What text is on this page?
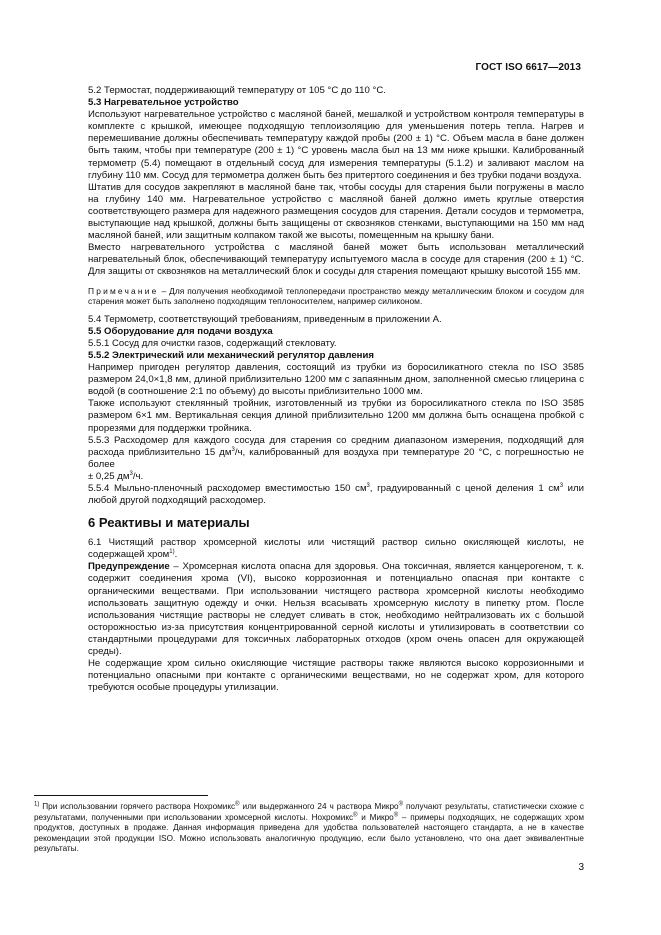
ГОСТ ISO 6617—2013

5.2 Термостат, поддерживающий температуру от 105 °С до 110 °С.

5.3 Нагревательное устройство

Используют нагревательное устройство с масляной баней, мешалкой и устройством контроля температуры в комплекте с крышкой, имеющее подходящую теплоизоляцию для уменьшения потерь тепла. Нагрев и перемешивание должны обеспечивать температуру каждой пробы (200 ± 1) °С. Объем масла в бане должен быть таким, чтобы при температуре (200 ± 1) °С уровень масла был на 13 мм ниже крышки. Калиброванный термометр (5.4) помещают в отдельный сосуд для измерения температуры (5.1.2) и заливают маслом на глубину 110 мм. Сосуд для термометра должен быть без притертого соединения и без трубки подачи воздуха.

Штатив для сосудов закрепляют в масляной бане так, чтобы сосуды для старения были погружены в масло на глубину 140 мм. Нагревательное устройство с масляной баней должно иметь круглые отверстия соответствующего размера для надежного размещения сосудов для старения. Детали сосудов и термометра, выступающие над крышкой, должны быть защищены от сквозняков стенками, выступающими на 150 мм над масляной баней, или защитным колпаком такой же высоты, помещенным на крышку бани.

Вместо нагревательного устройства с масляной баней может быть использован металлический нагревательный блок, обеспечивающий температуру испытуемого масла в сосуде для старения (200 ± 1) °С. Для защиты от сквозняков на металлический блок и сосуды для старения помещают крышку высотой 155 мм.

Примечание – Для получения необходимой теплопередачи пространство между металлическим блоком и сосудом для старения может быть заполнено подходящим теплоносителем, например силиконом.

5.4 Термометр, соответствующий требованиям, приведенным в приложении А.

5.5 Оборудование для подачи воздуха

5.5.1 Сосуд для очистки газов, содержащий стекловату.

5.5.2 Электрический или механический регулятор давления

Например пригоден регулятор давления, состоящий из трубки из боросиликатного стекла по ISO 3585 размером 24,0×1,8 мм, длиной приблизительно 1200 мм с запаянным дном, заполненной смесью глицерина с водой (в соотношение 2:1 по объему) до высоты приблизительно 1000 мм.

Также используют стеклянный тройник, изготовленный из трубки из боросиликатного стекла по ISO 3585 размером 6×1 мм. Вертикальная секция длиной приблизительно 1200 мм должна быть оснащена пробкой с прорезями для поддержки тройника.

5.5.3 Расходомер для каждого сосуда для старения со средним диапазоном измерения, подходящий для расхода приблизительно 15 $дм^3/ч$, калиброванный для воздуха при температуре 20 °С, с погрешностью не более

± 0,25 $дм^3/ч$.

5.5.4 Мыльно-пленочный расходомер вместимостью 150 $см^3$, градуированный с ценой деления 1 $см^3$ или любой другой подходящий расходомер.

6 Реактивы и материалы

6.1 Чистящий раствор хромсерной кислоты или чистящий раствор сильно окисляющей кислоты, не содержащей хром$^{1)}$.

Предупреждение – Хромсерная кислота опасна для здоровья. Она токсичная, является канцерогеном, т. к. содержит соединения хрома (VI), высоко коррозионная и потенциально опасная при контакте с органическими веществами. При использовании чистящего раствора хромсерной кислоты необходимо использовать защитную одежду и очки. Нельзя всасывать хромсерную кислоту в пипетку ртом. После использования чистящие растворы не следует сливать в сток, необходимо нейтрализовать их с большой осторожностью из-за присутствия концентрированной серной кислоты и утилизировать в соответствии со стандартными процедурами для токсичных лабораторных отходов (хром очень опасен для окружающей среды).

Не содержащие хром сильно окисляющие чистящие растворы также являются высоко коррозионными и потенциально опасными при контакте с органическими веществами, но не содержат хром, для которого требуются особые процедуры утилизации.

$^{1)}$ При использовании горячего раствора Нохромикс® или выдержанного 24 ч раствора Микро® получают результаты, статистически схожие с результатами, полученными при использовании хромсерной кислоты. Нохромикс® и Микро® – примеры подходящих, не содержащих хром продуктов, доступных в продаже. Данная информация приведена для удобства пользователей настоящего стандарта, а не в качестве рекомендации этой продукции ISO. Можно использовать аналогичную продукцию, если было установлено, что она дает эквивалентные результаты.
3
